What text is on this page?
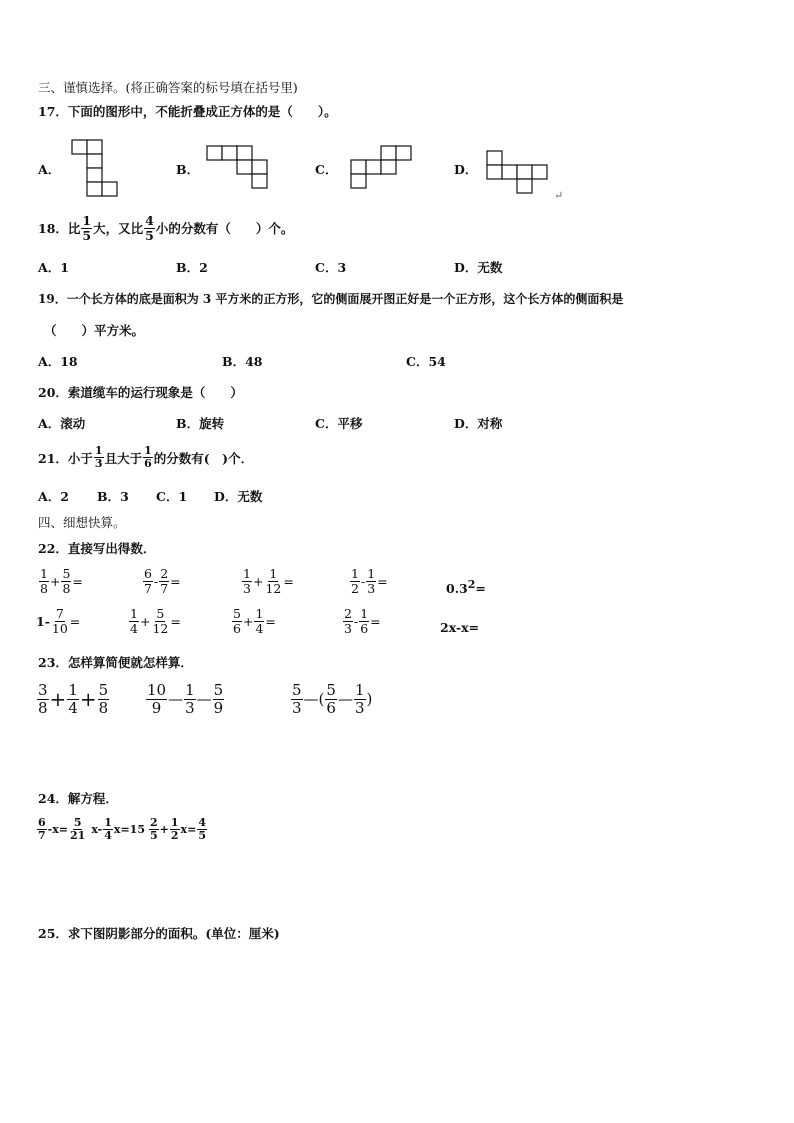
三、谨慎选择。(将正确答案的标号填在括号里)
17．下面的图形中，不能折叠成正方体的是（　　）。
A．	B．	C．	D．
↵
18．比 $\frac{1}{5}$ 大，又比 $\frac{4}{5}$ 小的分数有（　　）个。
A．1	B．2	C．3	D．无数
19．一个长方体的底是面积为 3 平方米的正方形，它的侧面展开图正好是一个正方形，这个长方体的侧面积是
（　　）平方米。
A．18	B．48	C．54
20．索道缆车的运行现象是（　　）
A．滚动	B．旋转	C．平移	D．对称
21．小于 $\frac{1}{3}$ 且大于 $\frac{1}{6}$ 的分数有(　)个．
A．2 B．3 C．1 D．无数
四、细想快算。
22．直接写出得数．
$\frac{1}{8} + \frac{5}{8}$ =	$\frac{6}{7} - \frac{2}{7}$ =	$\frac{1}{3} + \frac{1}{12}$ =	$\frac{1}{2} - \frac{1}{3}$ =	$0.3^2=$
$1- \frac{7}{10}$ =	$\frac{1}{4} + \frac{5}{12}$ =	$\frac{5}{6} + \frac{1}{4}$ =	$\frac{2}{3} - \frac{1}{6}$ =	2x-x=
23．怎样算简便就怎样算．
$\frac{3}{8} + \frac{1}{4} + \frac{5}{8} \frac{10}{9}$ — $\frac{1}{3}$ — $\frac{5}{9}$	$\frac{5}{3}$ —( $\frac{5}{6}$ — $\frac{1}{3}$ )
24．解方程．
$\frac{6}{7} -x= \frac{5}{21} x- \frac{1}{4} x=15 \frac{2}{5} + \frac{1}{2} x= \frac{4}{5}$
25．求下图阴影部分的面积。(单位：厘米)
